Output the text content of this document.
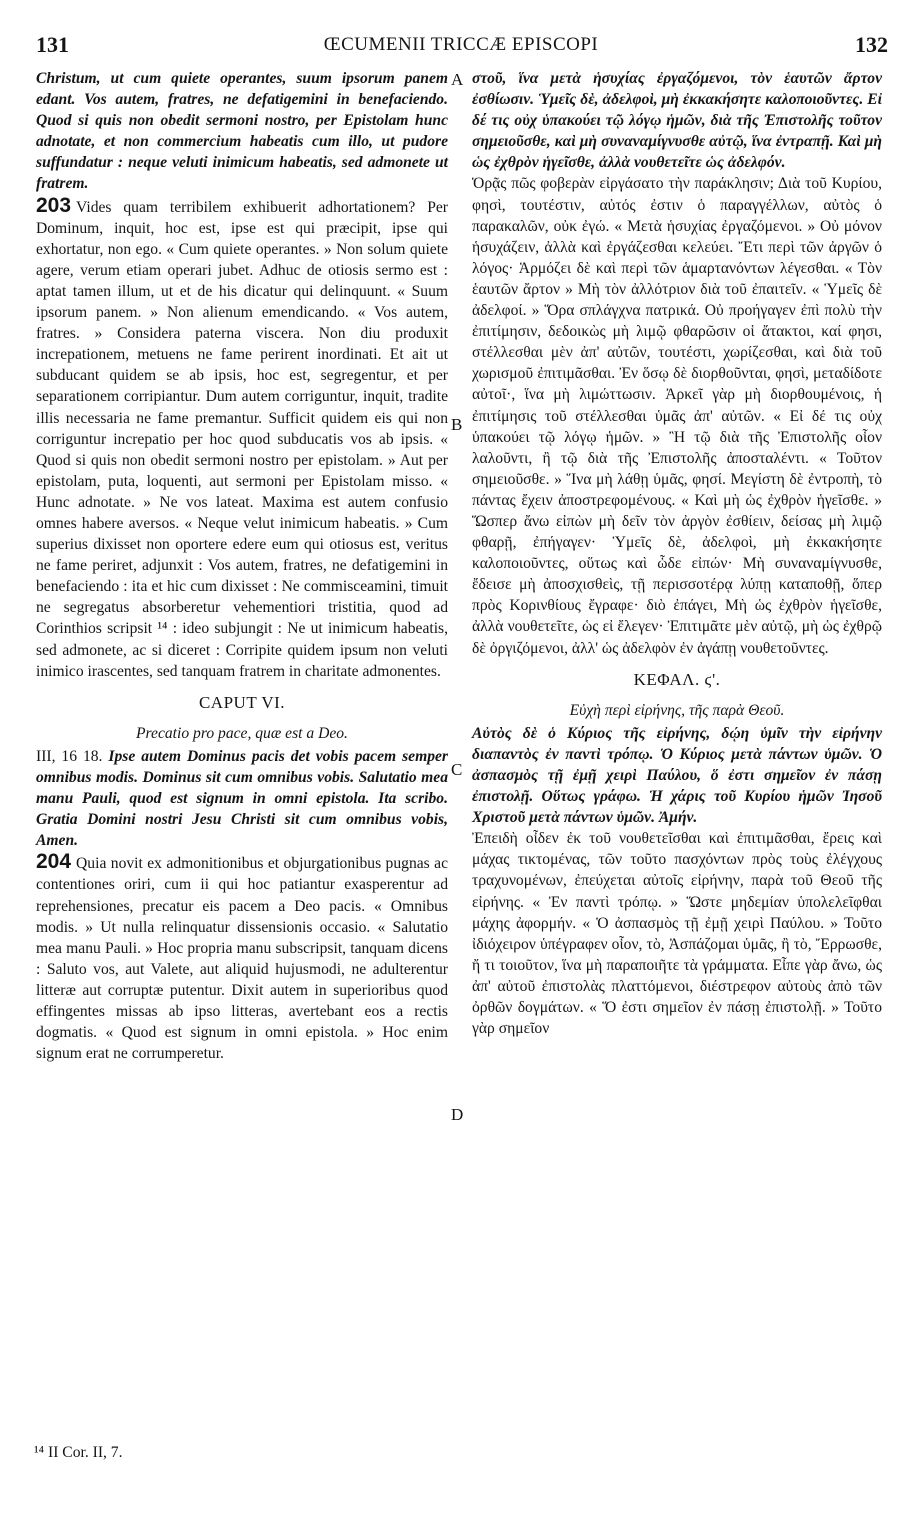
131	ŒCUMENII TRICCÆ EPISCOPI	132

Christum, ut cum quiete operantes, suum ipsorum panem edant. Vos autem, fratres, ne defatigemini in benefaciendo. Quod si quis non obedit sermoni nostro, per Epistolam hunc adnotate, et non commercium habeatis cum illo, ut pudore suffundatur : neque veluti inimicum habeatis, sed admonete ut fratrem.

203 Vides quam terribilem exhibuerit adhortationem? Per Dominum, inquit, hoc est, ipse est qui præcipit, ipse qui exhortatur, non ego. « Cum quiete operantes. » Non solum quiete agere, verum etiam operari jubet. Adhuc de otiosis sermo est : aptat tamen illum, ut et de his dicatur qui delinquunt. « Suum ipsorum panem. » Non alienum emendicando. « Vos autem, fratres. » Considera paterna viscera. Non diu produxit increpationem, metuens ne fame perirent inordinati. Et ait ut subducant quidem se ab ipsis, hoc est, segregentur, et per separationem corripiantur. Dum autem corriguntur, inquit, tradite illis necessaria ne fame premantur. Sufficit quidem eis qui non corriguntur increpatio per hoc quod subducatis vos ab ipsis. « Quod si quis non obedit sermoni nostro per epistolam. » Aut per epistolam, puta, loquenti, aut sermoni per Epistolam misso. « Hunc adnotate. » Ne vos lateat. Maxima est autem confusio omnes habere aversos. « Neque velut inimicum habeatis. » Cum superius dixisset non oportere edere eum qui otiosus est, veritus ne fame periret, adjunxit : Vos autem, fratres, ne defatigemini in benefaciendo : ita et hic cum dixisset : Ne commisceamini, timuit ne segregatus absorberetur vehementiori tristitia, quod ad Corinthios scripsit ¹⁴ : ideo subjungit : Ne ut inimicum habeatis, sed admonete, ac si diceret : Corripite quidem ipsum non veluti inimico irascentes, sed tanquam fratrem in charitate admonentes.

CAPUT VI.
Precatio pro pace, quæ est a Deo.

III, 16 18. Ipse autem Dominus pacis det vobis pacem semper omnibus modis. Dominus sit cum omnibus vobis. Salutatio mea manu Pauli, quod est signum in omni epistola. Ita scribo. Gratia Domini nostri Jesu Christi sit cum omnibus vobis, Amen.

204 Quia novit ex admonitionibus et objurgationibus pugnas ac contentiones oriri, cum ii qui hoc patiantur exasperentur ad reprehensiones, precatur eis pacem a Deo pacis. « Omnibus modis. » Ut nulla relinquatur dissensionis occasio. « Salutatio mea manu Pauli. » Hoc propria manu subscripsit, tanquam dicens : Saluto vos, aut Valete, aut aliquid hujusmodi, ne adulterentur litteræ aut corruptæ putentur. Dixit autem in superioribus quod effingentes missas ab ipso litteras, avertebant eos a rectis dogmatis. « Quod est signum in omni epistola. » Hoc enim signum erat ne corrumperetur.

A
B
C
D

στοῦ, ἵνα μετὰ ἡσυχίας ἐργαζόμενοι, τὸν ἑαυτῶν ἄρτον ἐσθίωσιν. Ὑμεῖς δὲ, ἀδελφοὶ, μὴ ἐκκακήσητε καλοποιοῦντες. Εἰ δέ τις οὐχ ὑπακούει τῷ λόγῳ ἡμῶν, διὰ τῆς Ἐπιστολῆς τοῦτον σημειοῦσθε, καὶ μὴ συναναμίγνυσθε αὐτῷ, ἵνα ἐντραπῇ. Καὶ μὴ ὡς ἐχθρὸν ἡγεῖσθε, ἀλλὰ νουθετεῖτε ὡς ἀδελφόν.

Ὁρᾷς πῶς φοβερὰν εἰργάσατο τὴν παράκλησιν; Διὰ τοῦ Κυρίου, φησὶ, τουτέστιν, αὐτός ἐστιν ὁ παραγγέλλων, αὐτὸς ὁ παρακαλῶν, οὐκ ἐγώ. « Μετὰ ἡσυχίας ἐργαζόμενοι. » Οὐ μόνον ἡσυχάζειν, ἀλλὰ καὶ ἐργάζεσθαι κελεύει. Ἔτι περὶ τῶν ἀργῶν ὁ λόγος· Ἁρμόζει δὲ καὶ περὶ τῶν ἁμαρτανόντων λέγεσθαι. « Τὸν ἑαυτῶν ἄρτον » Μὴ τὸν ἀλλότριον διὰ τοῦ ἐπαιτεῖν. « Ὑμεῖς δὲ ἀδελφοί. » Ὅρα σπλάγχνα πατρικά. Οὐ προήγαγεν ἐπὶ πολὺ τὴν ἐπιτίμησιν, δεδοικὼς μὴ λιμῷ φθαρῶσιν οἱ ἄτακτοι, καί φησι, στέλλεσθαι μὲν ἀπ' αὐτῶν, τουτέστι, χωρίζεσθαι, καὶ διὰ τοῦ χωρισμοῦ ἐπιτιμᾶσθαι. Ἐν ὅσῳ δὲ διορθοῦνται, φησὶ, μεταδίδοτε αὐτοῖ·, ἵνα μὴ λιμώττωσιν. Ἀρκεῖ γὰρ μὴ διορθουμένοις, ἡ ἐπιτίμησις τοῦ στέλλεσθαι ὑμᾶς ἀπ' αὐτῶν. « Εἰ δέ τις οὐχ ὑπακούει τῷ λόγῳ ἡμῶν. » Ἢ τῷ διὰ τῆς Ἐπιστολῆς οἷον λαλοῦντι, ἢ τῷ διὰ τῆς Ἐπιστολῆς ἀποσταλέντι. « Τοῦτον σημειοῦσθε. » Ἵνα μὴ λάθῃ ὑμᾶς, φησί. Μεγίστη δὲ ἐντροπὴ, τὸ πάντας ἔχειν ἀποστρεφομένους. « Καὶ μὴ ὡς ἐχθρὸν ἡγεῖσθε. » Ὥσπερ ἄνω εἰπὼν μὴ δεῖν τὸν ἀργὸν ἐσθίειν, δείσας μὴ λιμῷ φθαρῇ, ἐπήγαγεν· Ὑμεῖς δὲ, ἀδελφοὶ, μὴ ἐκκακήσητε καλοποιοῦντες, οὕτως καὶ ὧδε εἰπών· Μὴ συναναμίγνυσθε, ἔδεισε μὴ ἀποσχισθεὶς, τῇ περισσοτέρᾳ λύπῃ καταποθῇ, ὅπερ πρὸς Κορινθίους ἔγραφε· διὸ ἐπάγει, Μὴ ὡς ἐχθρὸν ἡγεῖσθε, ἀλλὰ νουθετεῖτε, ὡς εἰ ἔλεγεν· Ἐπιτιμᾶτε μὲν αὐτῷ, μὴ ὡς ἐχθρῷ δὲ ὀργιζόμενοι, ἀλλ' ὡς ἀδελφὸν ἐν ἀγάπῃ νουθετοῦντες.

ΚΕΦΑΛ. ϛ'.
Εὐχὴ περὶ εἰρήνης, τῆς παρὰ Θεοῦ.

Αὐτὸς δὲ ὁ Κύριος τῆς εἰρήνης, δῴη ὑμῖν τὴν εἰρήνην διαπαντὸς ἐν παντὶ τρόπῳ. Ὁ Κύριος μετὰ πάντων ὑμῶν. Ὁ ἀσπασμὸς τῇ ἐμῇ χειρὶ Παύλου, ὅ ἐστι σημεῖον ἐν πάσῃ ἐπιστολῇ. Οὕτως γράφω. Ἡ χάρις τοῦ Κυρίου ἡμῶν Ἰησοῦ Χριστοῦ μετὰ πάντων ὑμῶν. Ἀμήν.

Ἐπειδὴ οἶδεν ἐκ τοῦ νουθετεῖσθαι καὶ ἐπιτιμᾶσθαι, ἔρεις καὶ μάχας τικτομένας, τῶν τοῦτο πασχόντων πρὸς τοὺς ἐλέγχους τραχυνομένων, ἐπεύχεται αὐτοῖς εἰρήνην, παρὰ τοῦ Θεοῦ τῆς εἰρήνης. « Ἐν παντὶ τρόπῳ. » Ὥστε μηδεμίαν ὑπολελεῖφθαι μάχης ἀφορμήν. « Ὁ ἀσπασμὸς τῇ ἐμῇ χειρὶ Παύλου. » Τοῦτο ἰδιόχειρον ὑπέγραφεν οἷον, τὸ, Ἀσπάζομαι ὑμᾶς, ἢ τὸ, Ἔρρωσθε, ἤ τι τοιοῦτον, ἵνα μὴ παραποιῆτε τὰ γράμματα. Εἶπε γὰρ ἄνω, ὡς ἀπ' αὐτοῦ ἐπιστολὰς πλαττόμενοι, διέστρεφον αὐτοὺς ἀπὸ τῶν ὀρθῶν δογμάτων. « Ὅ ἐστι σημεῖον ἐν πάσῃ ἐπιστολῇ. » Τοῦτο γὰρ σημεῖον

¹⁴ II Cor. II, 7.
